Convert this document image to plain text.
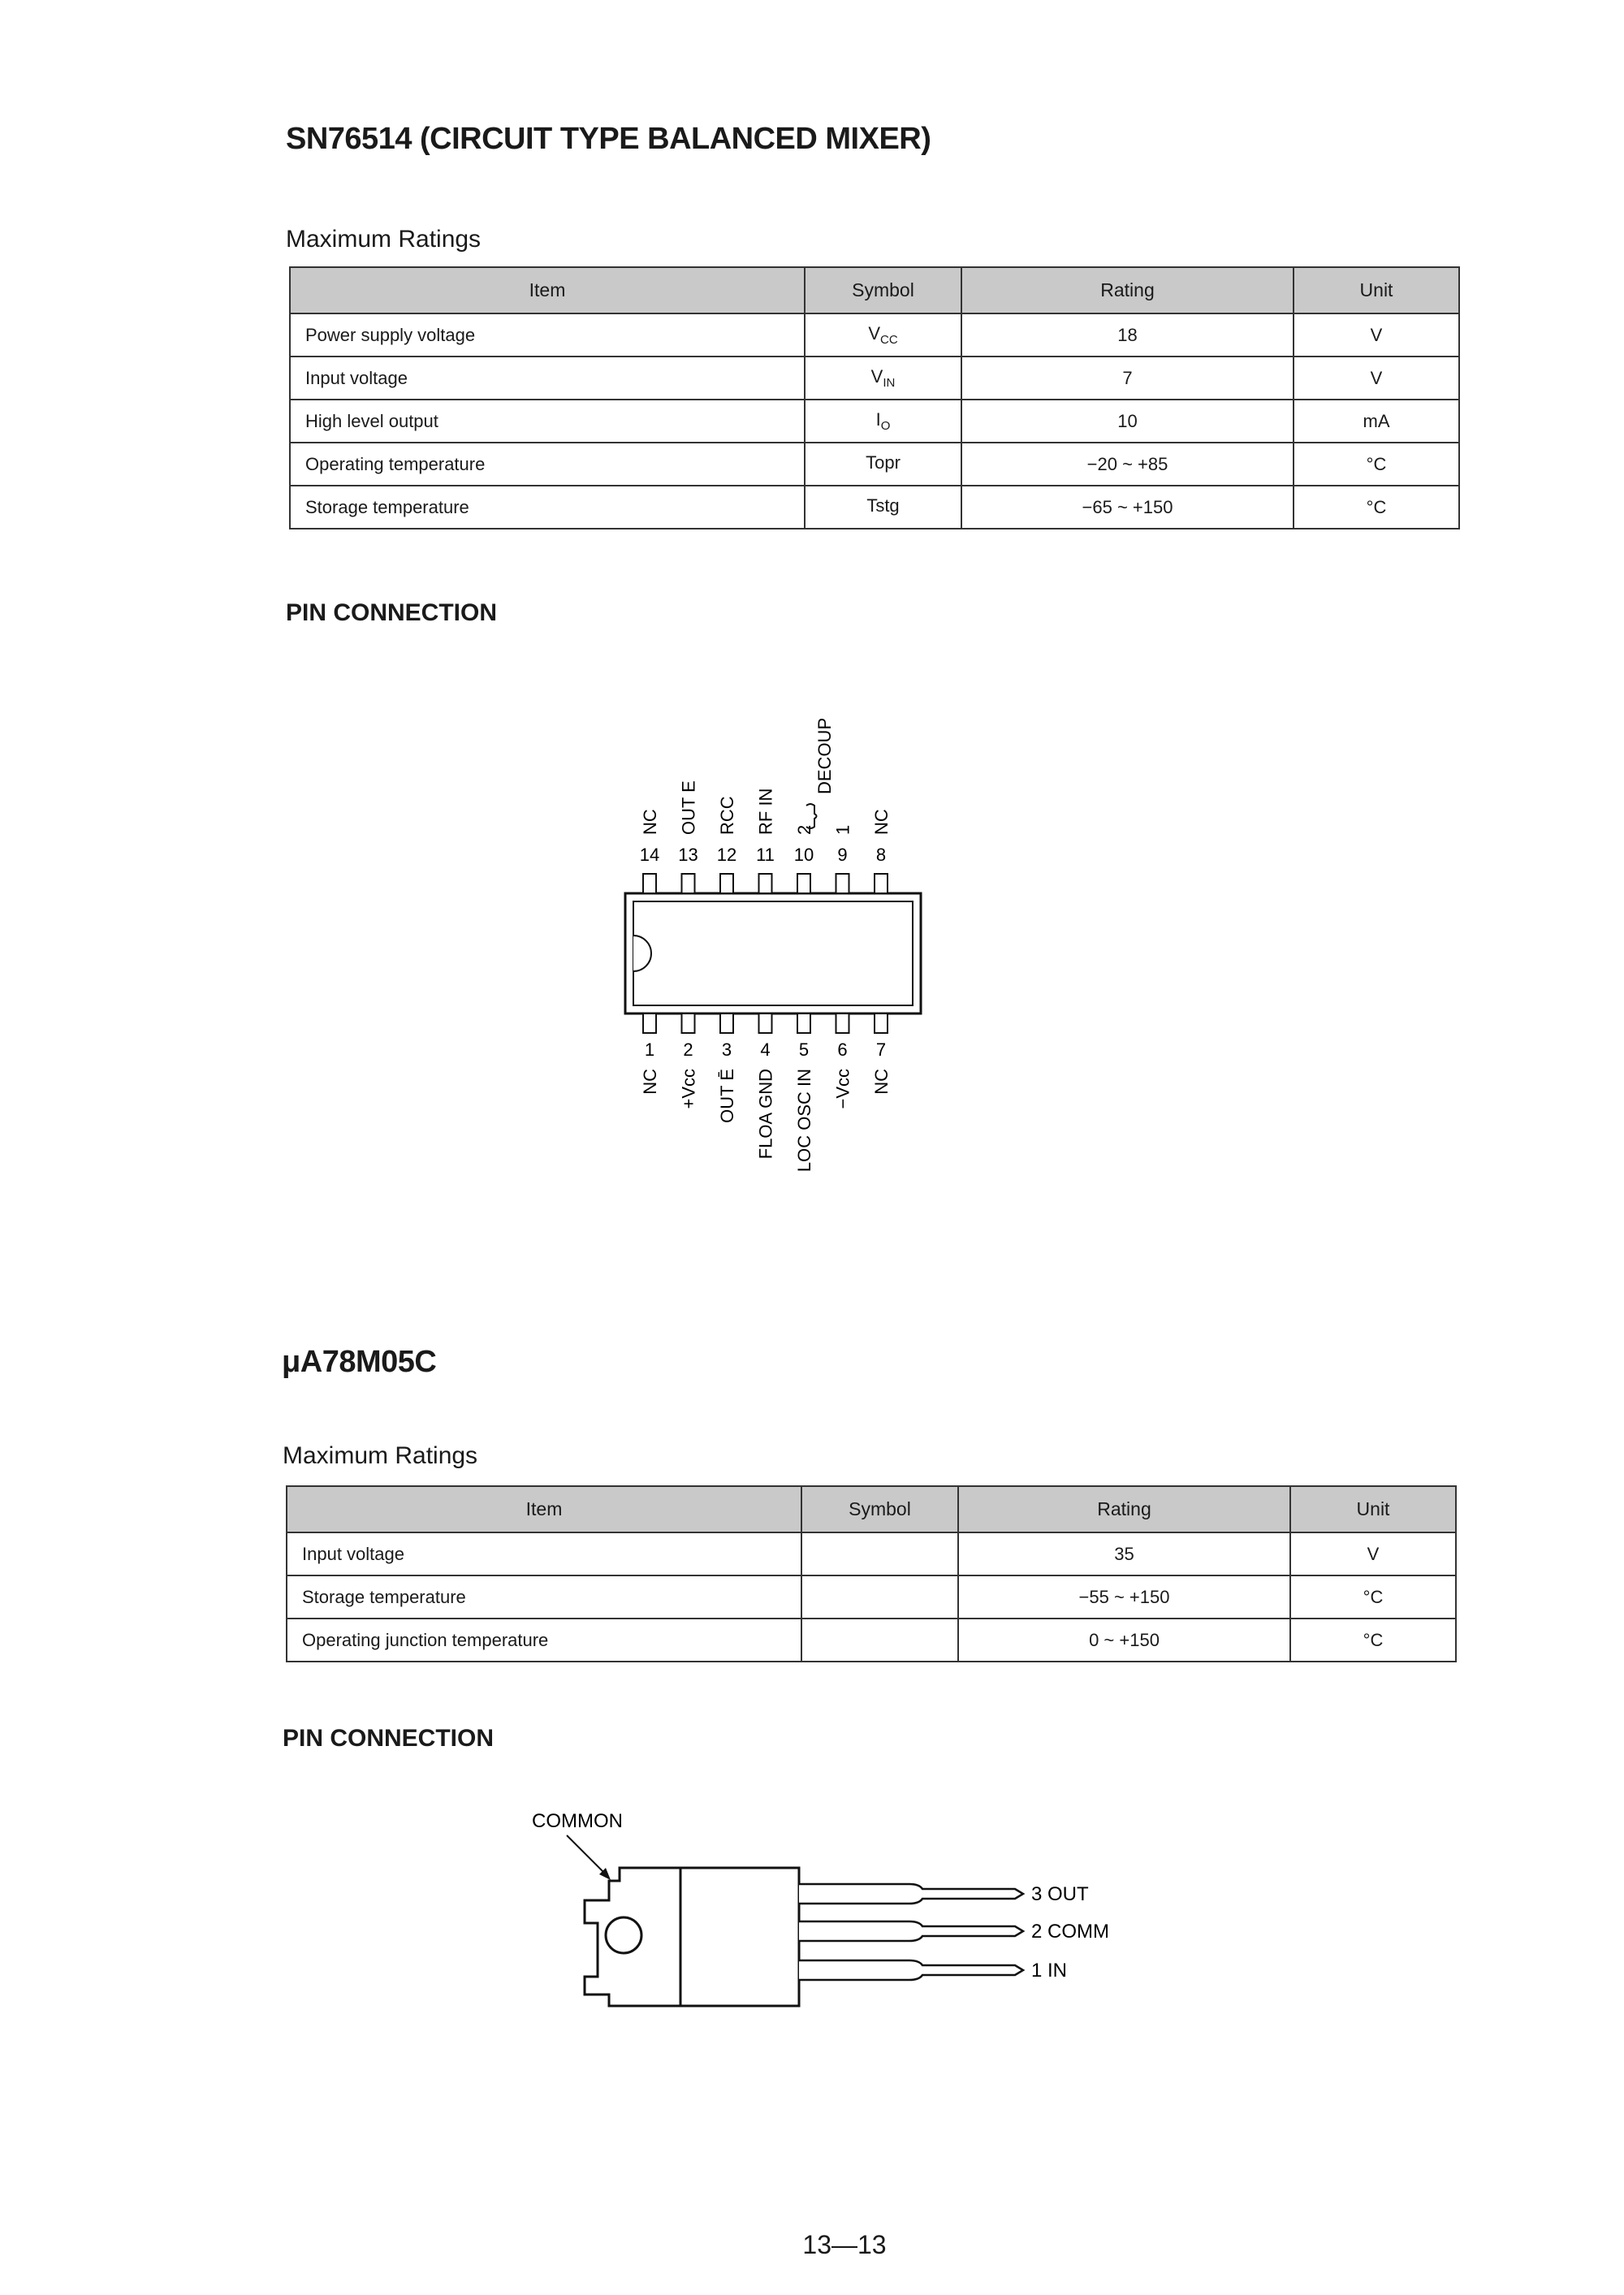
SN76514 (CIRCUIT TYPE BALANCED MIXER)
Maximum Ratings
Item	Symbol	Rating	Unit
Power supply voltage	$V_{CC}$	18	V
Input voltage	$V_{IN}$	7	V
High level output	$I_O$	10	mA
Operating temperature	Topr	−20 ~ +85	°C
Storage temperature	Tstg	−65 ~ +150	°C
PIN CONNECTION
14
NC
13
OUT E
12
RCC
11
RF IN
10
2
9
1
8
NC
1
NC
2
+Vcc
3
OUT Ē
4
FLOA GND
5
LOC OSC IN
6
−Vcc
7
NC
DECOUP
μA78M05C
Maximum Ratings
Item	Symbol	Rating	Unit
Input voltage		35	V
Storage temperature		−55 ~ +150	°C
Operating junction temperature		0 ~ +150	°C
PIN CONNECTION
COMMON
3 OUT
2 COMM
1 IN
13—13
